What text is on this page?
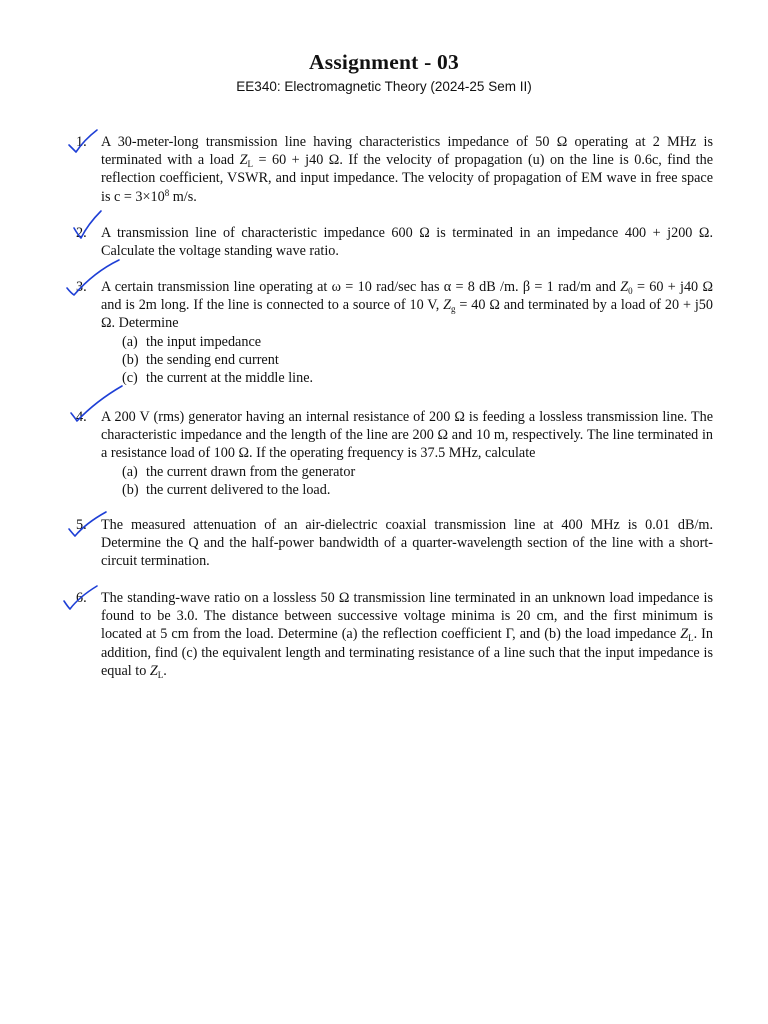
Assignment - 03
EE340: Electromagnetic Theory (2024-25 Sem II)
1.	A 30-meter-long transmission line having characteristics impedance of 50 Ω operating at 2 MHz is terminated with a load $Z_L = 60 + j40$ Ω. If the velocity of propagation (u) on the line is 0.6c, find the reflection coefficient, VSWR, and input impedance. The velocity of propagation of EM wave in free space is $c = 3\times 10^8$ m/s.
2.	A transmission line of characteristic impedance 600 Ω is terminated in an impedance 400 + j200 Ω. Calculate the voltage standing wave ratio.
3.	A certain transmission line operating at ω = 10 rad/sec has α = 8 dB /m. β = 1 rad/m and $Z_0 = 60 + j40$ Ω and is 2m long. If the line is connected to a source of 10 V, $Z_g = 40$ Ω and terminated by a load of 20 + j50 Ω. Determine
(a) the input impedance
(b) the sending end current
(c) the current at the middle line.
4.	A 200 V (rms) generator having an internal resistance of 200 Ω is feeding a lossless transmission line. The characteristic impedance and the length of the line are 200 Ω and 10 m, respectively. The line terminated in a resistance load of 100 Ω. If the operating frequency is 37.5 MHz, calculate
(a) the current drawn from the generator
(b) the current delivered to the load.
5.	The measured attenuation of an air-dielectric coaxial transmission line at 400 MHz is 0.01 dB/m. Determine the Q and the half-power bandwidth of a quarter-wavelength section of the line with a short-circuit termination.
6.	The standing-wave ratio on a lossless 50 Ω transmission line terminated in an unknown load impedance is found to be 3.0. The distance between successive voltage minima is 20 cm, and the first minimum is located at 5 cm from the load. Determine (a) the reflection coefficient Γ, and (b) the load impedance $Z_L$. In addition, find (c) the equivalent length and terminating resistance of a line such that the input impedance is equal to $Z_L$.
